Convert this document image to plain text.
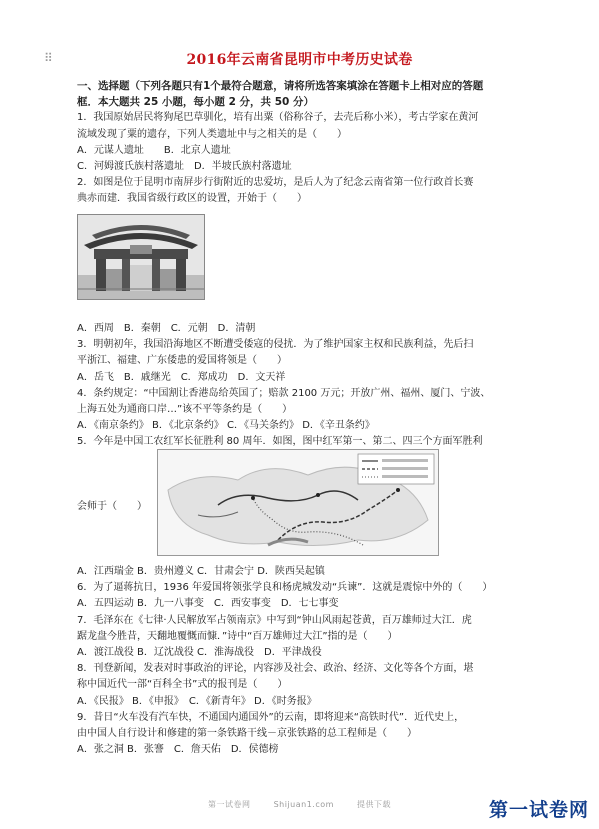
⠿	2016年云南省昆明市中考历史试卷
一、选择题（下列各题只有1个最符合题意，请将所选答案填涂在答题卡上相对应的答题
框．本大题共 25 小题，每小题 2 分，共 50 分）
1．我国原始居民将狗尾巴草驯化，培有出粟（俗称谷子，去壳后称小米），考古学家在黄河
流域发现了粟的遗存，下列人类遗址中与之相关的是（　　）
A．元谋人遗址　　B．北京人遗址
C．河姆渡氏族村落遗址　D．半坡氏族村落遗址
2．如图是位于昆明市南屏步行街附近的忠爱坊，是后人为了纪念云南省第一位行政首长赛
典赤而建．我国省级行政区的设置，开始于（　　）
A．西周　B．秦朝　C．元朝　D．清朝
3．明朝初年，我国沿海地区不断遭受倭寇的侵扰．为了维护国家主权和民族利益，先后扫
平浙江、福建、广东倭患的爱国将领是（　　）
A．岳飞　B．戚继光　C．郑成功　D．文天祥
4．条约规定：“中国割让香港岛给英国了；赔款 2100 万元；开放广州、福州、厦门、宁波、
上海五处为通商口岸…”该不平等条约是（　　）
A．《南京条约》 B．《北京条约》 C．《马关条约》 D．《辛丑条约》
5．今年是中国工农红军长征胜利 80 周年．如图，图中红军第一、第二、四三个方面军胜利
会师于（　　）
A．江西瑞金 B．贵州遵义 C．甘肃会宁 D．陕西吴起镇
6．为了逼蒋抗日，1936 年爱国将领张学良和杨虎城发动“兵谏”．这就是震惊中外的（　　）
A．五四运动 B．九一八事变　C．西安事变　D．七七事变
7．毛泽东在《七律·人民解放军占领南京》中写到“钟山风雨起苍黄，百万雄师过大江．虎
踞龙盘今胜昔，天翻地覆慨而慷．”诗中“百万雄师过大江”指的是（　　）
A．渡江战役 B．辽沈战役 C．淮海战役　D．平津战役
8．刊登新闻，发表对时事政治的评论，内容涉及社会、政治、经济、文化等各个方面，堪
称中国近代一部“百科全书”式的报刊是（　　）
A．《民报》 B．《申报》　C．《新青年》 D．《时务报》
9．昔日“火车没有汽车快，不通国内通国外”的云南，即将迎来“高铁时代”．近代史上，
由中国人自行设计和修建的第一条铁路干线－京张铁路的总工程师是（　　）
A．张之洞 B．张謇　C．詹天佑　D．侯德榜
第一试卷网	Shijuan1.com	提供下载	第一试卷网
